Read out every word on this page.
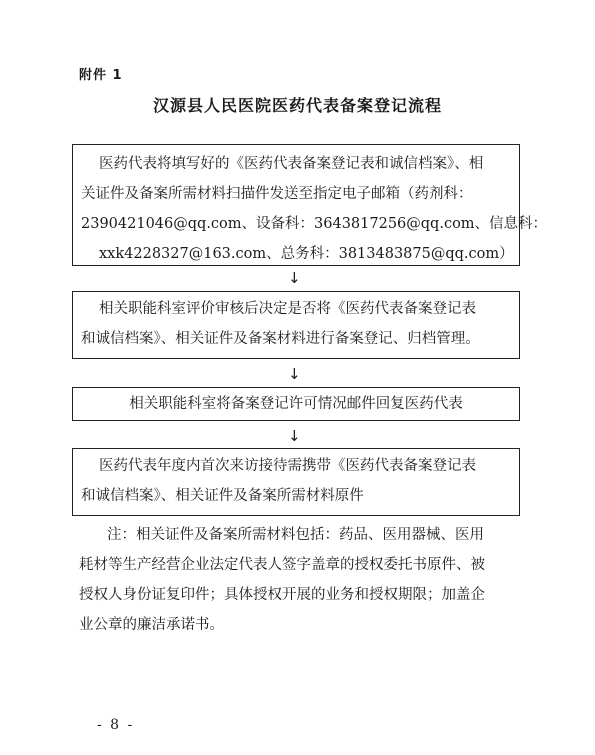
附件 1
汉源县人民医院医药代表备案登记流程
医药代表将填写好的《医药代表备案登记表和诚信档案》、相
关证件及备案所需材料扫描件发送至指定电子邮箱（药剂科：
2390421046@qq.com、设备科：3643817256@qq.com、信息科：
xxk4228327@163.com、总务科：3813483875@qq.com）
↓
相关职能科室评价审核后决定是否将《医药代表备案登记表
和诚信档案》、相关证件及备案材料进行备案登记、归档管理。
↓
相关职能科室将备案登记许可情况邮件回复医药代表
↓
医药代表年度内首次来访接待需携带《医药代表备案登记表
和诚信档案》、相关证件及备案所需材料原件
注：相关证件及备案所需材料包括：药品、医用器械、医用
耗材等生产经营企业法定代表人签字盖章的授权委托书原件、被
授权人身份证复印件；具体授权开展的业务和授权期限；加盖企
业公章的廉洁承诺书。
- 8 -
